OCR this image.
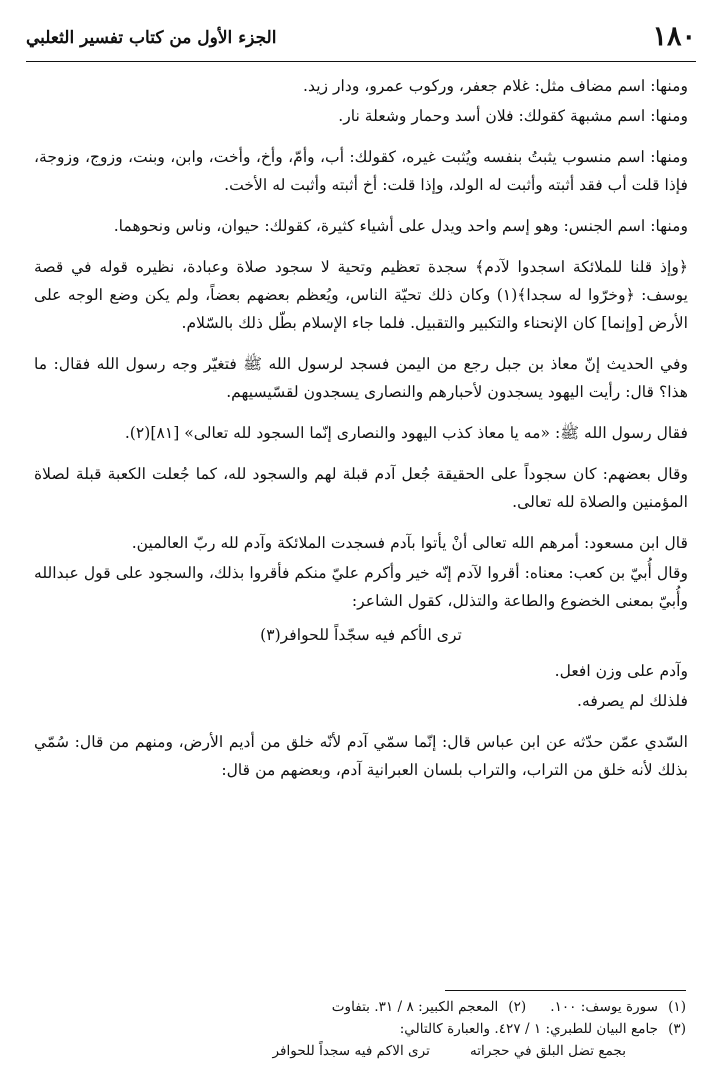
١٨٠
الجزء الأول من كتاب تفسير الثعلبي

ومنها: اسم مضاف مثل: غلام جعفر، وركوب عمرو، ودار زيد.

ومنها: اسم مشبهة كقولك: فلان أسد وحمار وشعلة نار.

ومنها: اسم منسوب يثبتُ بنفسه ويُثبت غيره، كقولك: أب، وأمّ، وأخ، وأخت، وابن، وبنت، وزوج، وزوجة، فإذا قلت أب فقد أثبته وأثبت له الولد، وإذا قلت: أخ أثبته وأثبت له الأخت.

ومنها: اسم الجنس: وهو إسم واحد ويدل على أشياء كثيرة، كقولك: حيوان، وناس ونحوهما.

﴿وإذ قلنا للملائكة اسجدوا لآدم﴾ سجدة تعظيم وتحية لا سجود صلاة وعبادة، نظيره قوله في قصة يوسف: ﴿وخرّوا له سجدا﴾(١) وكان ذلك تحيّة الناس، ويُعظم بعضهم بعضاً، ولم يكن وضع الوجه على الأرض [وإنما] كان الإنحناء والتكبير والتقبيل. فلما جاء الإسلام بطّل ذلك بالسّلام.

وفي الحديث إنّ معاذ بن جبل رجع من اليمن فسجد لرسول الله ﷺ فتغيّر وجه رسول الله فقال: ما هذا؟ قال: رأيت اليهود يسجدون لأحبارهم والنصارى يسجدون لقسّيسيهم.

فقال رسول الله ﷺ: «مه يا معاذ كذب اليهود والنصارى إنّما السجود لله تعالى» [٨١](٢).

وقال بعضهم: كان سجوداً على الحقيقة جُعل آدم قبلة لهم والسجود لله، كما جُعلت الكعبة قبلة لصلاة المؤمنين والصلاة لله تعالى.

قال ابن مسعود: أمرهم الله تعالى أنْ يأتوا بآدم فسجدت الملائكة وآدم لله ربّ العالمين.

وقال أُبيّ بن كعب: معناه: أقروا لآدم إنّه خير وأكرم عليّ منكم فأقروا بذلك، والسجود على قول عبدالله وأُبيّ بمعنى الخضوع والطاعة والتذلل، كقول الشاعر:

ترى الأكم فيه سجّداً للحوافر(٣)

وآدم على وزن افعل.

فلذلك لم يصرفه.

السّدي عمّن حدّثه عن ابن عباس قال: إنّما سمّي آدم لأنّه خلق من أديم الأرض، ومنهم من قال: سُمّي بذلك لأنه خلق من التراب، والتراب بلسان العبرانية آدم، وبعضهم من قال:

(١)
سورة يوسف: ١٠٠.
(٢)
المعجم الكبير: ٨ / ٣١. بتفاوت
(٣)
جامع البيان للطبري: ١ / ٤٢٧. والعبارة كالتالي:
بجمع تضل البلق في حجراته
ترى الاكم فيه سجداً للحوافر
